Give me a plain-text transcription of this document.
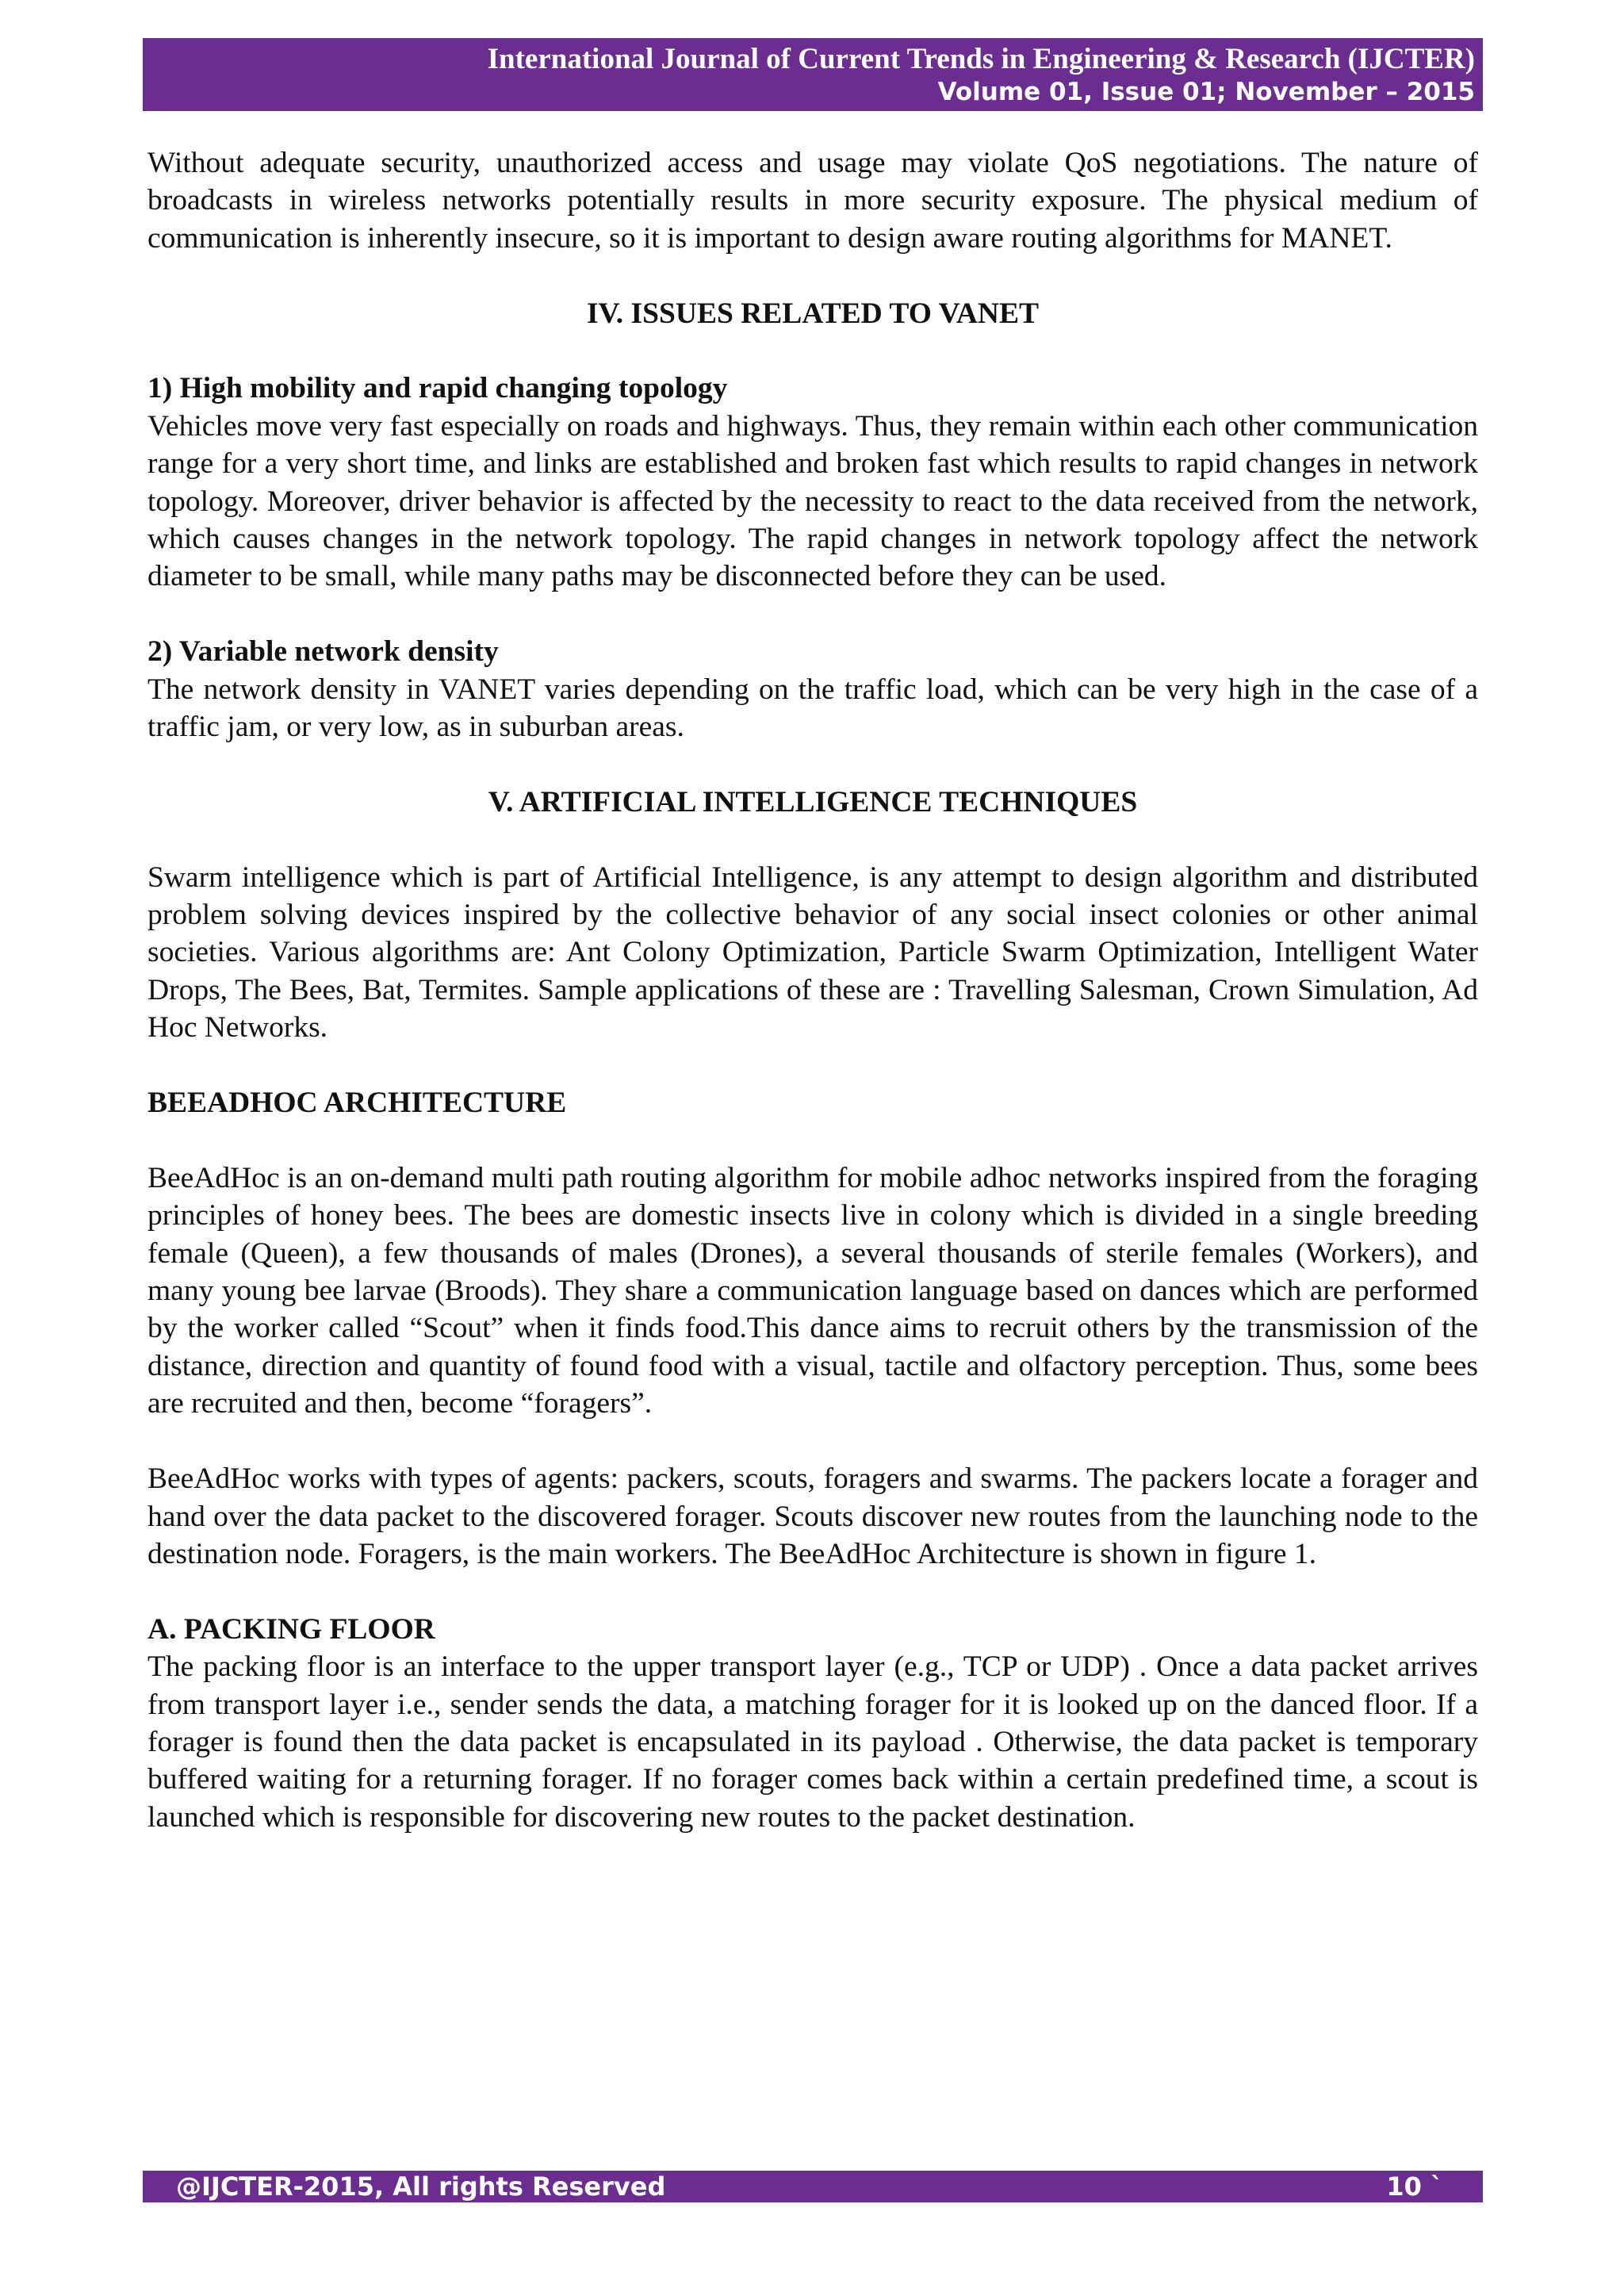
International Journal of Current Trends in Engineering & Research (IJCTER)
Volume 01, Issue 01; November – 2015

Without adequate security, unauthorized access and usage may violate QoS negotiations. The nature of broadcasts in wireless networks potentially results in more security exposure. The physical medium of communication is inherently insecure, so it is important to design aware routing algorithms for MANET.

IV. ISSUES RELATED TO VANET

1) High mobility and rapid changing topology

Vehicles move very fast especially on roads and highways. Thus, they remain within each other communication range for a very short time, and links are established and broken fast which results to rapid changes in network topology. Moreover, driver behavior is affected by the necessity to react to the data received from the network, which causes changes in the network topology. The rapid changes in network topology affect the network diameter to be small, while many paths may be disconnected before they can be used.

2) Variable network density

The network density in VANET varies depending on the traffic load, which can be very high in the case of a traffic jam, or very low, as in suburban areas.

V. ARTIFICIAL INTELLIGENCE TECHNIQUES

Swarm intelligence which is part of Artificial Intelligence, is any attempt to design algorithm and distributed problem solving devices inspired by the collective behavior of any social insect colonies or other animal societies. Various algorithms are: Ant Colony Optimization, Particle Swarm Optimization, Intelligent Water Drops, The Bees, Bat, Termites. Sample applications of these are : Travelling Salesman, Crown Simulation, Ad Hoc Networks.

BEEADHOC ARCHITECTURE

BeeAdHoc is an on-demand multi path routing algorithm for mobile adhoc networks inspired from the foraging principles of honey bees. The bees are domestic insects live in colony which is divided in a single breeding female (Queen), a few thousands of males (Drones), a several thousands of sterile females (Workers), and many young bee larvae (Broods). They share a communication language based on dances which are performed by the worker called “Scout” when it finds food.This dance aims to recruit others by the transmission of the distance, direction and quantity of found food with a visual, tactile and olfactory perception. Thus, some bees are recruited and then, become “foragers”.

BeeAdHoc works with types of agents: packers, scouts, foragers and swarms. The packers locate a forager and hand over the data packet to the discovered forager. Scouts discover new routes from the launching node to the destination node. Foragers, is the main workers. The BeeAdHoc Architecture is shown in figure 1.

A. PACKING FLOOR

The packing floor is an interface to the upper transport layer (e.g., TCP or UDP) . Once a data packet arrives from transport layer i.e., sender sends the data, a matching forager for it is looked up on the danced floor. If a forager is found then the data packet is encapsulated in its payload . Otherwise, the data packet is temporary buffered waiting for a returning forager. If no forager comes back within a certain predefined time, a scout is launched which is responsible for discovering new routes to the packet destination.

@IJCTER-2015, All rights Reserved	10 `
